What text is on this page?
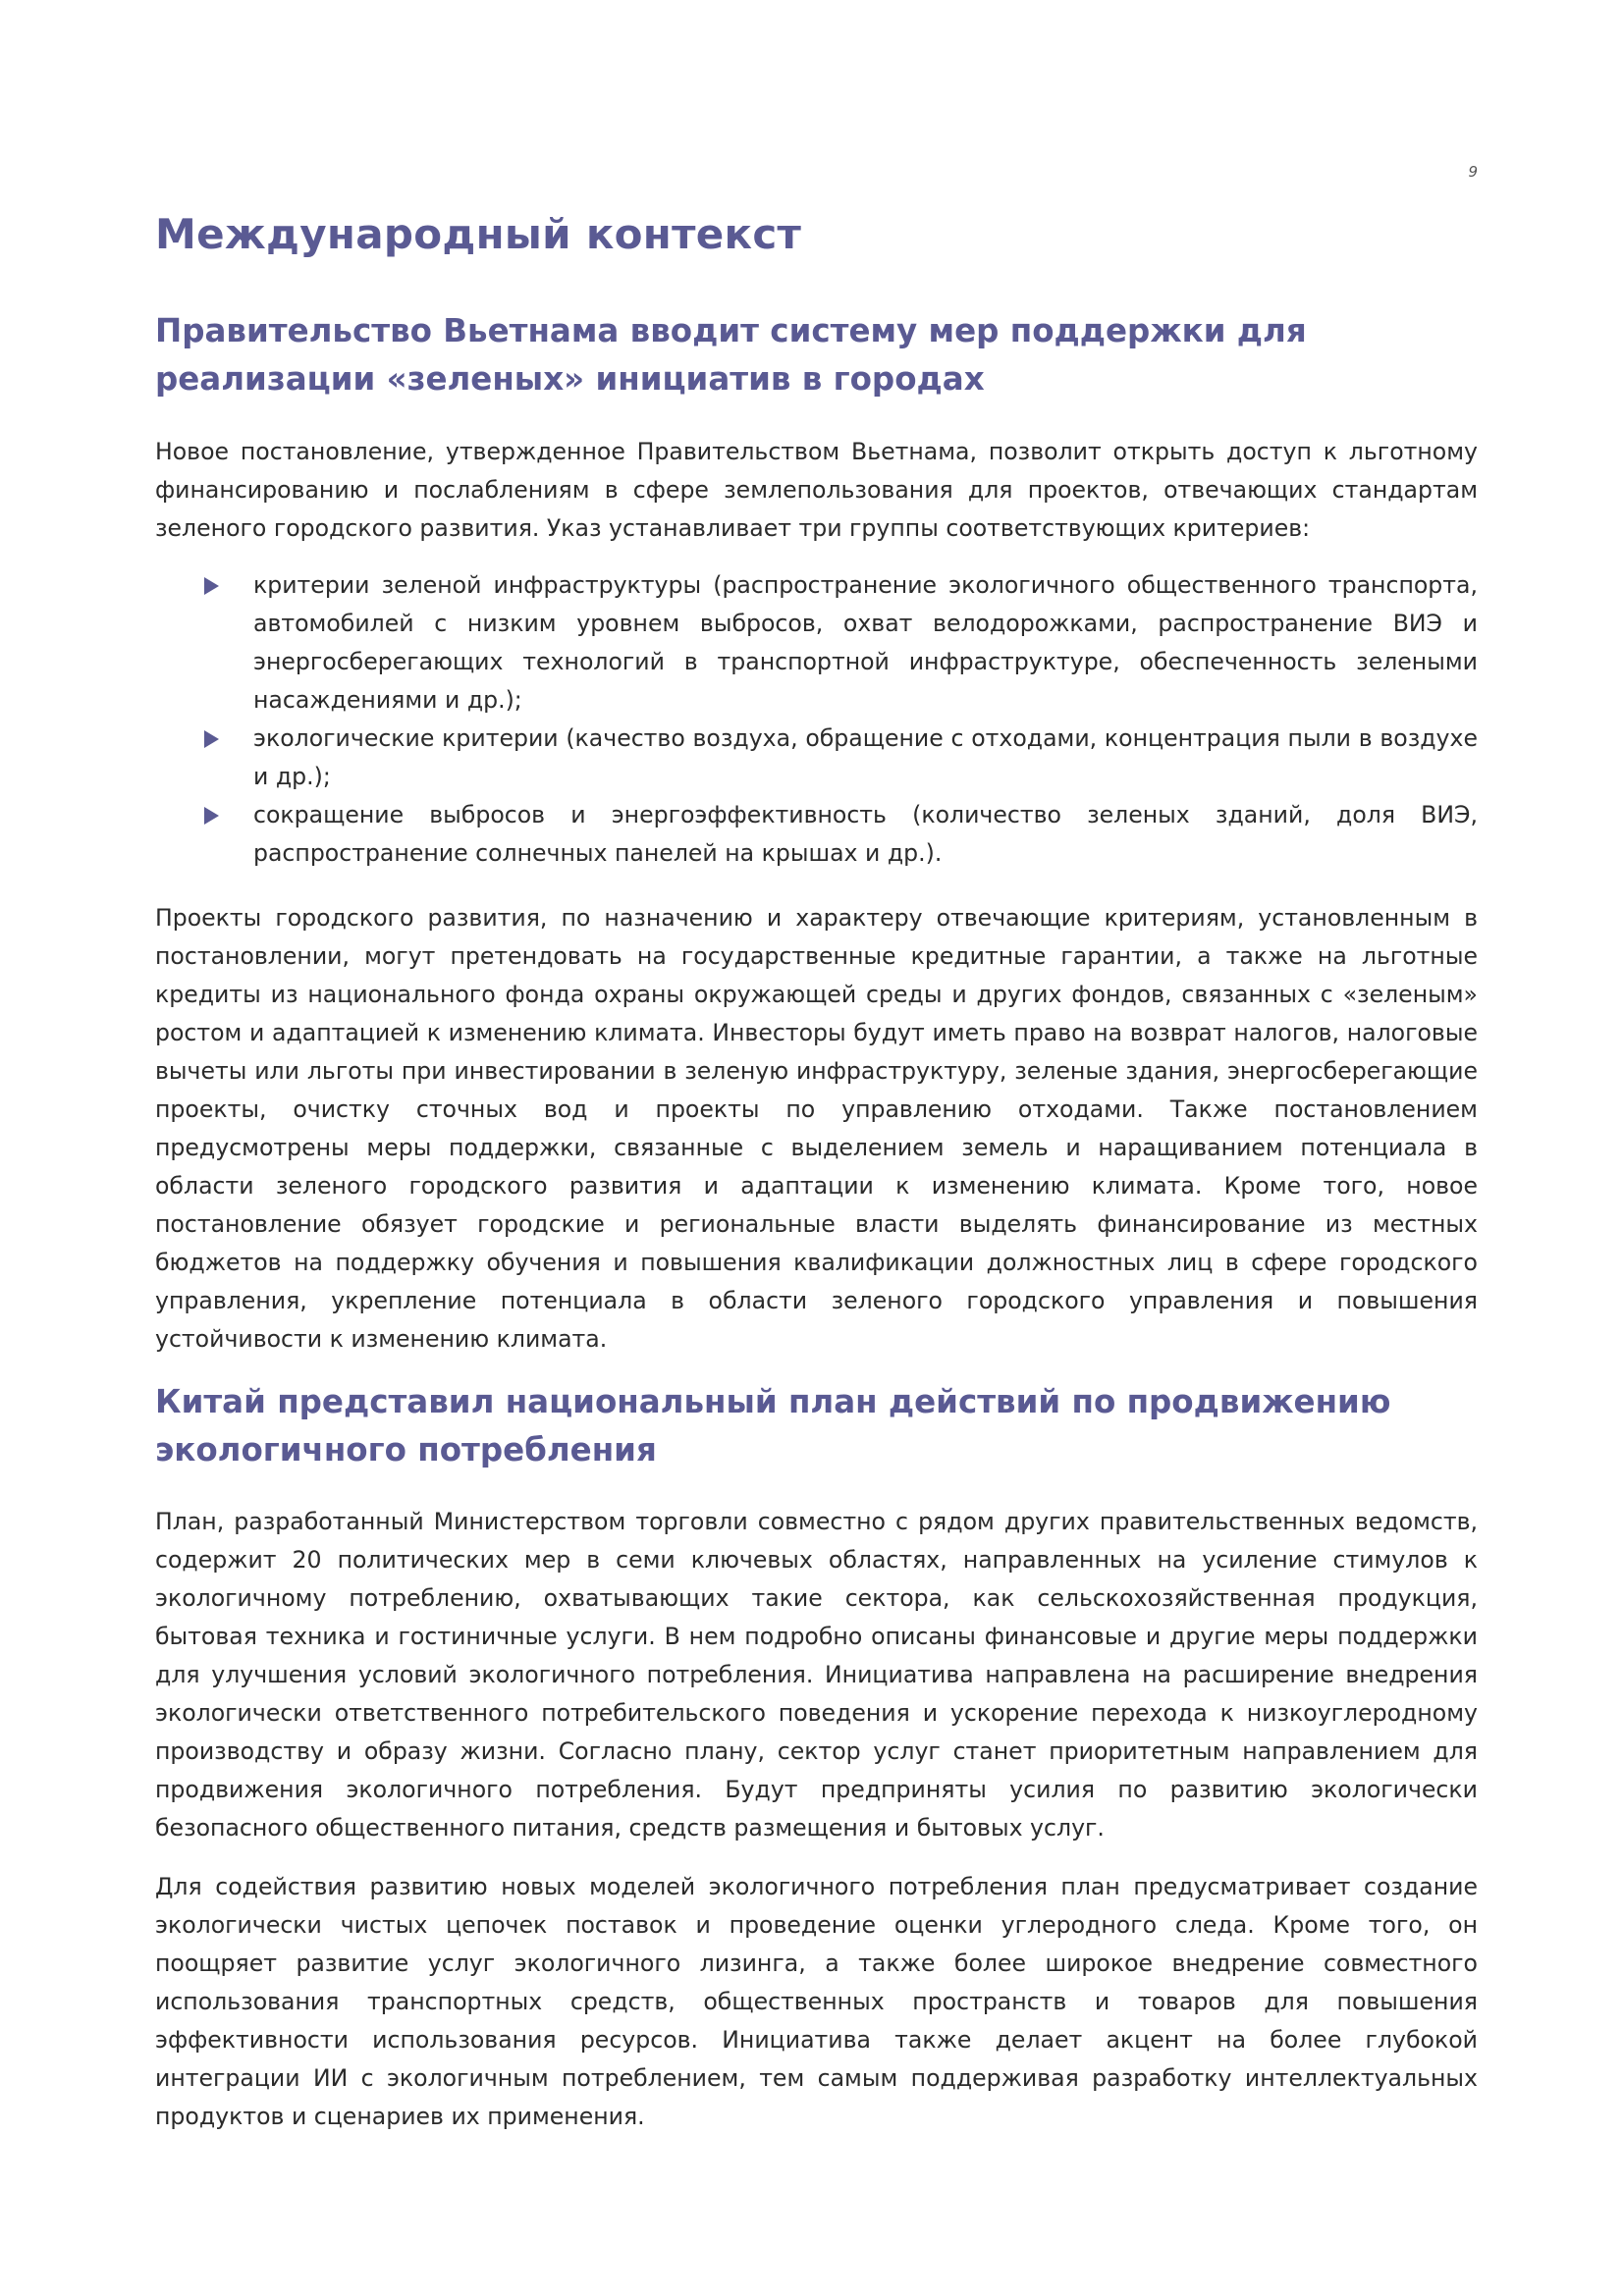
9
Международный контекст
Правительство Вьетнама вводит систему мер поддержки для реализации «зеленых» инициатив в городах

Новое постановление, утвержденное Правительством Вьетнама, позволит открыть доступ к льготному финансированию и послаблениям в сфере землепользования для проектов, отвечающих стандартам зеленого городского развития. Указ устанавливает три группы соответствующих критериев:

критерии зеленой инфраструктуры (распространение экологичного общественного транспорта, автомобилей с низким уровнем выбросов, охват велодорожками, распространение ВИЭ и энергосберегающих технологий в транспортной инфраструктуре, обеспеченность зелеными насаждениями и др.);
экологические критерии (качество воздуха, обращение с отходами, концентрация пыли в воздухе и др.);
сокращение выбросов и энергоэффективность (количество зеленых зданий, доля ВИЭ, распространение солнечных панелей на крышах и др.).

Проекты городского развития, по назначению и характеру отвечающие критериям, установленным в постановлении, могут претендовать на государственные кредитные гарантии, а также на льготные кредиты из национального фонда охраны окружающей среды и других фондов, связанных с «зеленым» ростом и адаптацией к изменению климата. Инвесторы будут иметь право на возврат налогов, налоговые вычеты или льготы при инвестировании в зеленую инфраструктуру, зеленые здания, энергосберегающие проекты, очистку сточных вод и проекты по управлению отходами. Также постановлением предусмотрены меры поддержки, связанные с выделением земель и наращиванием потенциала в области зеленого городского развития и адаптации к изменению климата. Кроме того, новое постановление обязует городские и региональные власти выделять финансирование из местных бюджетов на поддержку обучения и повышения квалификации должностных лиц в сфере городского управления, укрепление потенциала в области зеленого городского управления и повышения устойчивости к изменению климата.

Китай представил национальный план действий по продвижению экологичного потребления

План, разработанный Министерством торговли совместно с рядом других правительственных ведомств, содержит 20 политических мер в семи ключевых областях, направленных на усиление стимулов к экологичному потреблению, охватывающих такие сектора, как сельскохозяйственная продукция, бытовая техника и гостиничные услуги. В нем подробно описаны финансовые и другие меры поддержки для улучшения условий экологичного потребления. Инициатива направлена на расширение внедрения экологически ответственного потребительского поведения и ускорение перехода к низкоуглеродному производству и образу жизни. Согласно плану, сектор услуг станет приоритетным направлением для продвижения экологичного потребления. Будут предприняты усилия по развитию экологически безопасного общественного питания, средств размещения и бытовых услуг.

Для содействия развитию новых моделей экологичного потребления план предусматривает создание экологически чистых цепочек поставок и проведение оценки углеродного следа. Кроме того, он поощряет развитие услуг экологичного лизинга, а также более широкое внедрение совместного использования транспортных средств, общественных пространств и товаров для повышения эффективности использования ресурсов. Инициатива также делает акцент на более глубокой интеграции ИИ с экологичным потреблением, тем самым поддерживая разработку интеллектуальных продуктов и сценариев их применения.
